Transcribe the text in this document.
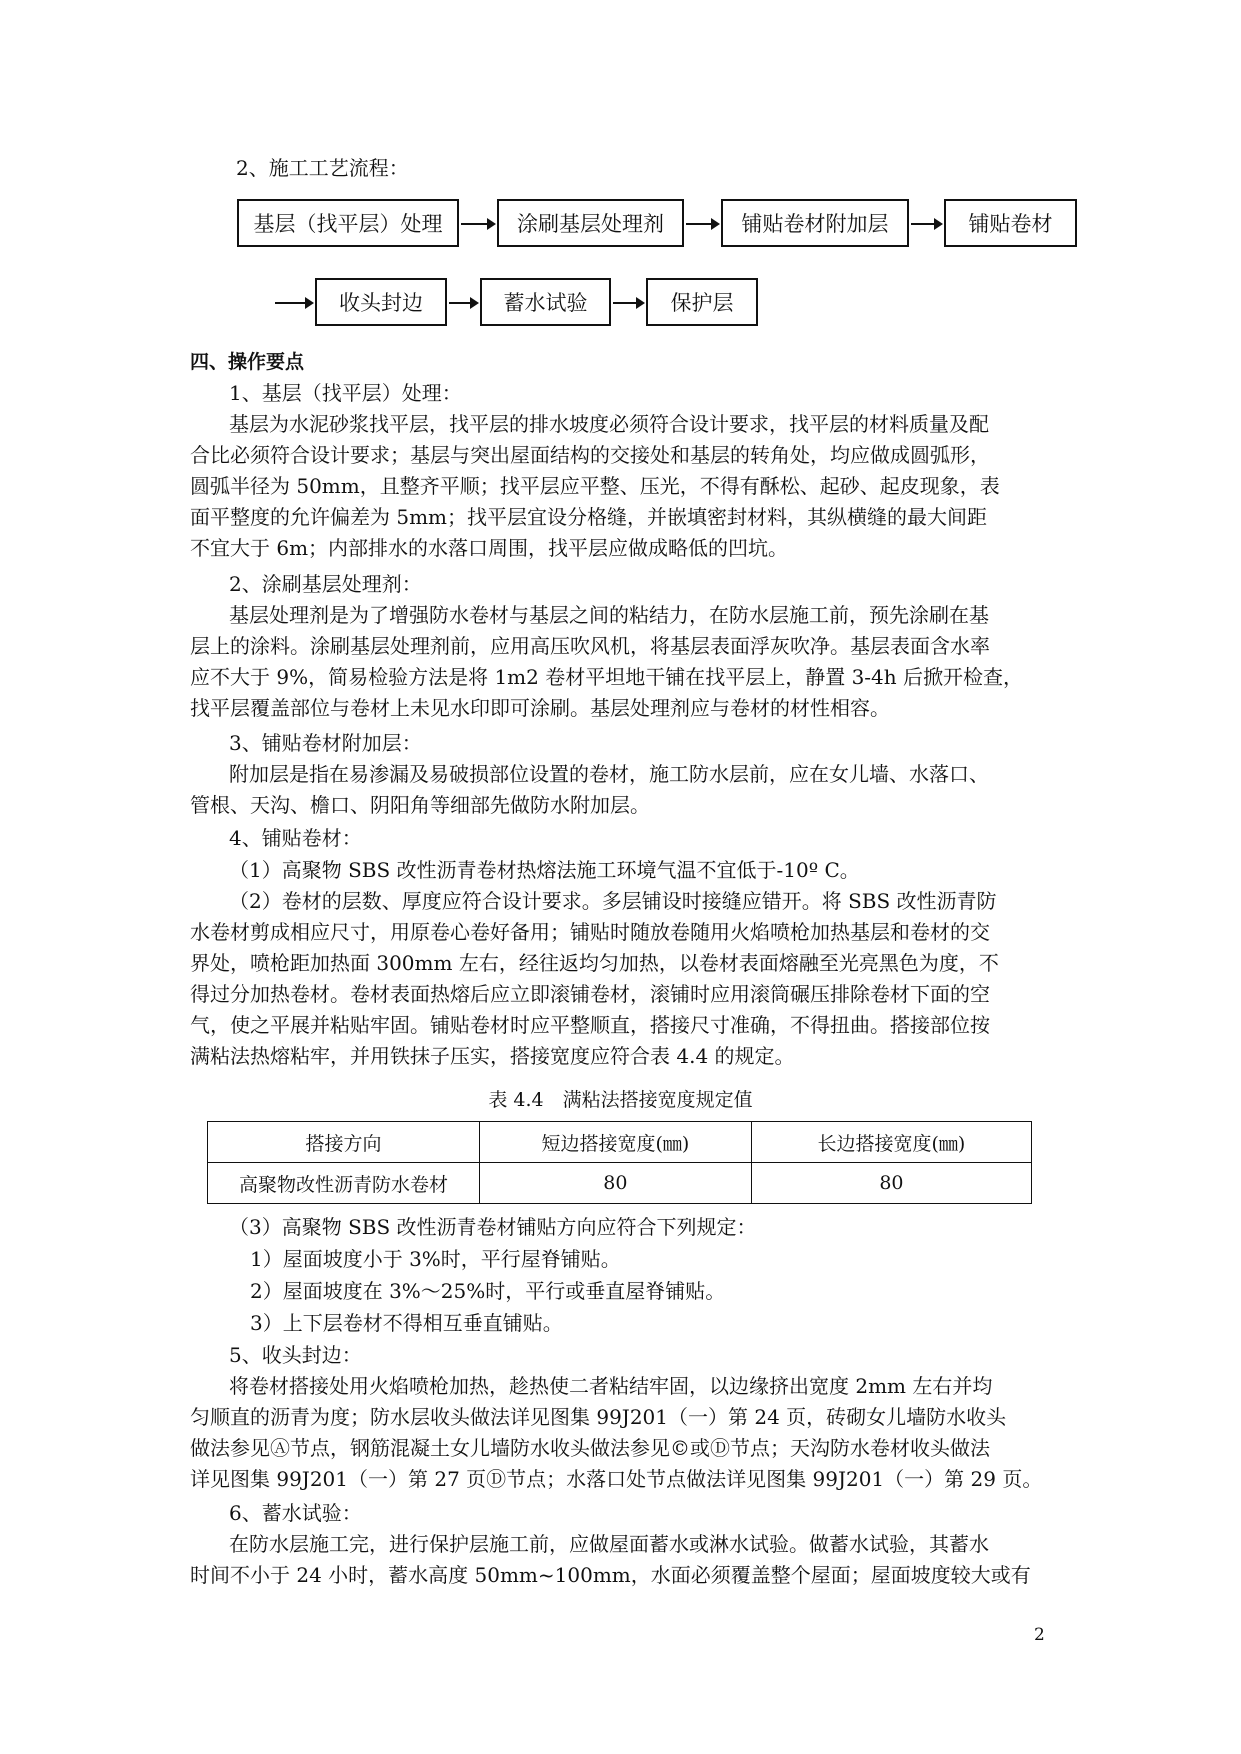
2、施工工艺流程：
基层（找平层）处理	涂刷基层处理剂	铺贴卷材附加层	铺贴卷材
收头封边	蓄水试验	保护层
四、操作要点
1、基层（找平层）处理：
基层为水泥砂浆找平层，找平层的排水坡度必须符合设计要求，找平层的材料质量及配
合比必须符合设计要求；基层与突出屋面结构的交接处和基层的转角处，均应做成圆弧形，
圆弧半径为 50mm，且整齐平顺；找平层应平整、压光，不得有酥松、起砂、起皮现象，表
面平整度的允许偏差为 5mm；找平层宜设分格缝，并嵌填密封材料，其纵横缝的最大间距
不宜大于 6m；内部排水的水落口周围，找平层应做成略低的凹坑。
2、涂刷基层处理剂：
基层处理剂是为了增强防水卷材与基层之间的粘结力，在防水层施工前，预先涂刷在基
层上的涂料。涂刷基层处理剂前，应用高压吹风机，将基层表面浮灰吹净。基层表面含水率
应不大于 9%，简易检验方法是将 1m2 卷材平坦地干铺在找平层上，静置 3-4h 后掀开检查，
找平层覆盖部位与卷材上未见水印即可涂刷。基层处理剂应与卷材的材性相容。
3、铺贴卷材附加层：
附加层是指在易渗漏及易破损部位设置的卷材，施工防水层前，应在女儿墙、水落口、
管根、天沟、檐口、阴阳角等细部先做防水附加层。
4、铺贴卷材：
（1）高聚物 SBS 改性沥青卷材热熔法施工环境气温不宜低于-10º C。
（2）卷材的层数、厚度应符合设计要求。多层铺设时接缝应错开。将 SBS 改性沥青防
水卷材剪成相应尺寸，用原卷心卷好备用；铺贴时随放卷随用火焰喷枪加热基层和卷材的交
界处，喷枪距加热面 300mm 左右，经往返均匀加热，以卷材表面熔融至光亮黑色为度，不
得过分加热卷材。卷材表面热熔后应立即滚铺卷材，滚铺时应用滚筒碾压排除卷材下面的空
气，使之平展并粘贴牢固。铺贴卷材时应平整顺直，搭接尺寸准确，不得扭曲。搭接部位按
满粘法热熔粘牢，并用铁抹子压实，搭接宽度应符合表 4.4 的规定。
表 4.4　满粘法搭接宽度规定值
搭接方向	短边搭接宽度(㎜)	长边搭接宽度(㎜)
高聚物改性沥青防水卷材	80	80
（3）高聚物 SBS 改性沥青卷材铺贴方向应符合下列规定：
1）屋面坡度小于 3%时，平行屋脊铺贴。
2）屋面坡度在 3%～25%时，平行或垂直屋脊铺贴。
3）上下层卷材不得相互垂直铺贴。
5、收头封边：
将卷材搭接处用火焰喷枪加热，趁热使二者粘结牢固，以边缘挤出宽度 2mm 左右并均
匀顺直的沥青为度；防水层收头做法详见图集 99J201（一）第 24 页，砖砌女儿墙防水收头
做法参见Ⓐ节点，钢筋混凝土女儿墙防水收头做法参见©或Ⓓ节点；天沟防水卷材收头做法
详见图集 99J201（一）第 27 页Ⓓ节点；水落口处节点做法详见图集 99J201（一）第 29 页。
6、蓄水试验：
在防水层施工完，进行保护层施工前，应做屋面蓄水或淋水试验。做蓄水试验，其蓄水
时间不小于 24 小时，蓄水高度 50mm~100mm，水面必须覆盖整个屋面；屋面坡度较大或有
2
